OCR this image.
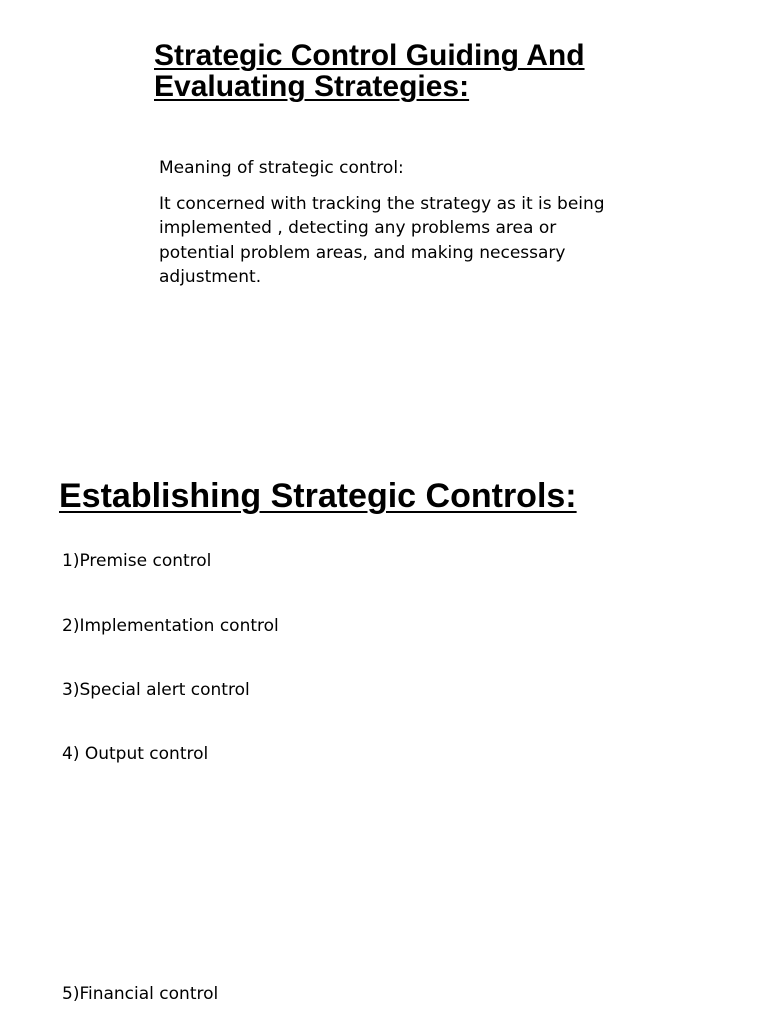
Strategic Control Guiding And
Evaluating Strategies:

Meaning of strategic control:

It concerned with tracking the strategy as it is being

implemented , detecting any problems area or

potential problem areas, and making necessary

adjustment.

Establishing Strategic Controls:

1)Premise control

2)Implementation control

3)Special alert control

4) Output control

5)Financial control
